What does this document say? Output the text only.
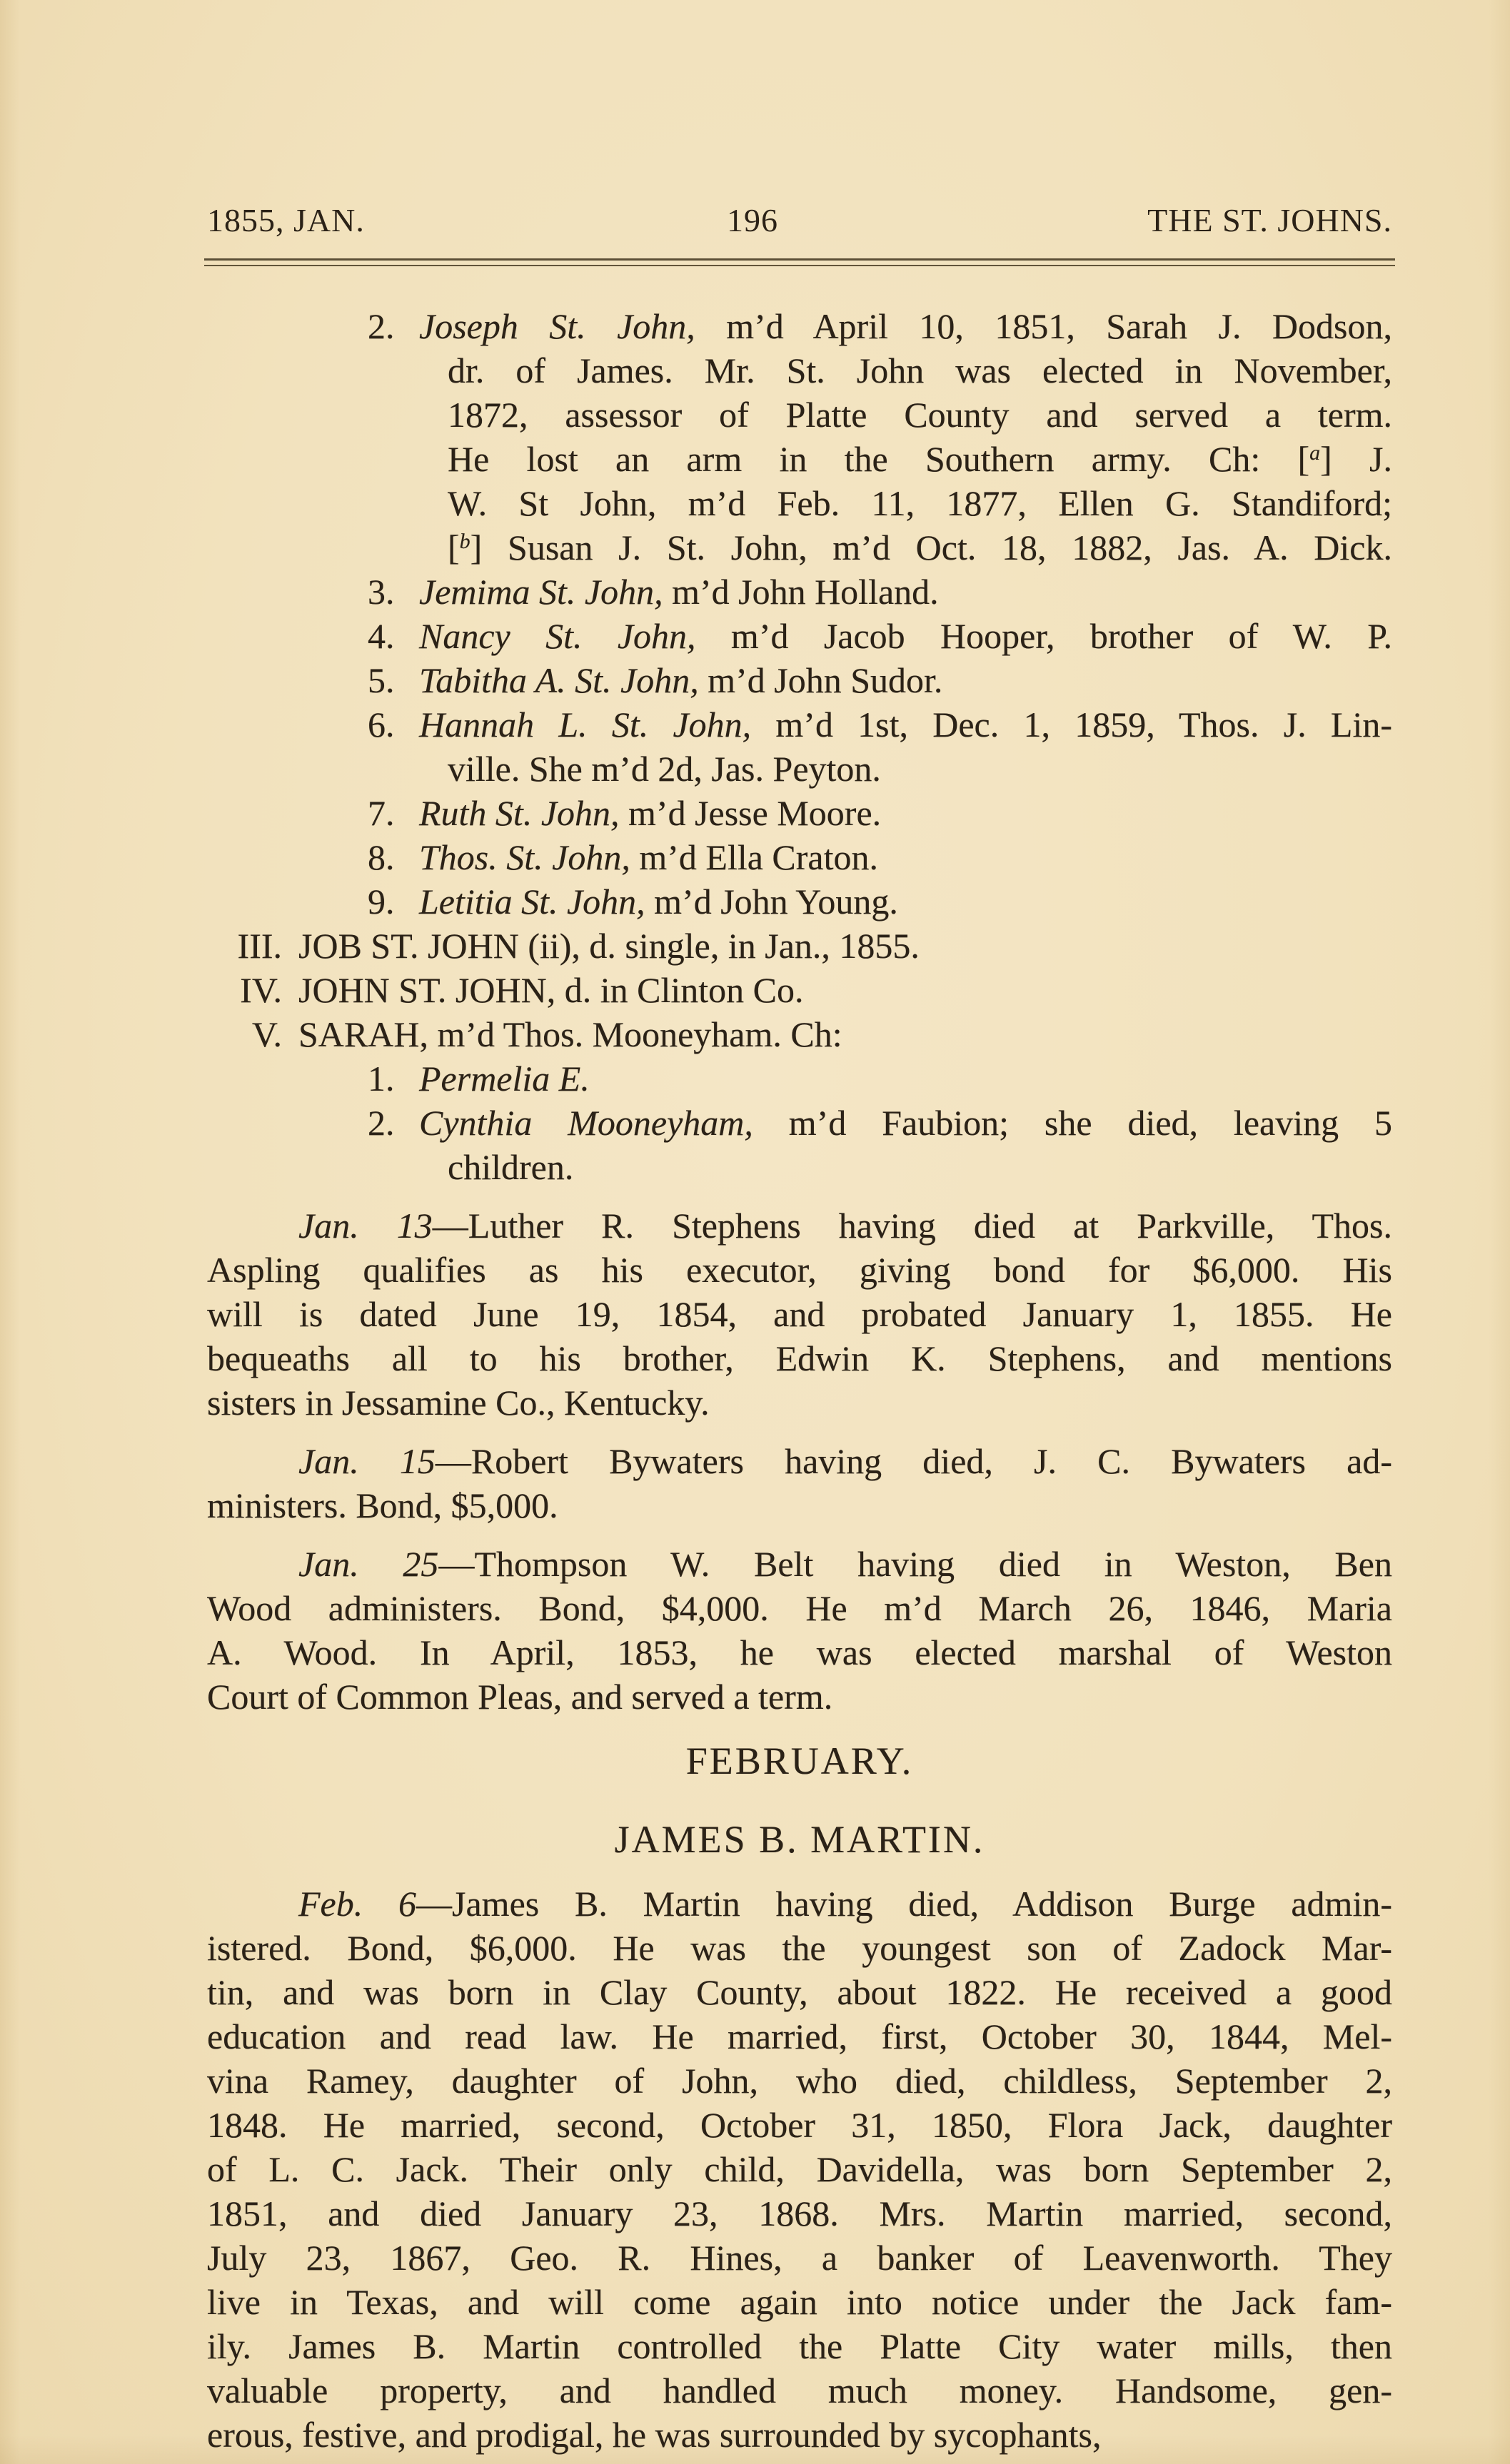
1855, JAN.	196	THE ST. JOHNS.
2. Joseph St. John, m’d April 10, 1851, Sarah J. Dodson,
dr. of James. Mr. St. John was elected in November,
1872, assessor of Platte County and served a term.
He lost an arm in the Southern army. Ch: [$^a$] J.
W. St John, m’d Feb. 11, 1877, Ellen G. Standiford;
[$^b$] Susan J. St. John, m’d Oct. 18, 1882, Jas. A. Dick.
3. Jemima St. John, m’d John Holland.
4. Nancy St. John, m’d Jacob Hooper, brother of W. P.
5. Tabitha A. St. John, m’d John Sudor.
6. Hannah L. St. John, m’d 1st, Dec. 1, 1859, Thos. J. Lin-
ville. She m’d 2d, Jas. Peyton.
7. Ruth St. John, m’d Jesse Moore.
8. Thos. St. John, m’d Ella Craton.
9. Letitia St. John, m’d John Young.
III. JOB ST. JOHN (ii), d. single, in Jan., 1855.
IV. JOHN ST. JOHN, d. in Clinton Co.
V. SARAH, m’d Thos. Mooneyham. Ch:
1. Permelia E.
2. Cynthia Mooneyham, m’d Faubion; she died, leaving 5
children.
Jan. 13—Luther R. Stephens having died at Parkville, Thos.
Aspling qualifies as his executor, giving bond for $6,000. His
will is dated June 19, 1854, and probated January 1, 1855. He
bequeaths all to his brother, Edwin K. Stephens, and mentions
sisters in Jessamine Co., Kentucky.
Jan. 15—Robert Bywaters having died, J. C. Bywaters ad-
ministers. Bond, $5,000.
Jan. 25—Thompson W. Belt having died in Weston, Ben
Wood administers. Bond, $4,000. He m’d March 26, 1846, Maria
A. Wood. In April, 1853, he was elected marshal of Weston
Court of Common Pleas, and served a term.
FEBRUARY.
JAMES B. MARTIN.
Feb. 6—James B. Martin having died, Addison Burge admin-
istered. Bond, $6,000. He was the youngest son of Zadock Mar-
tin, and was born in Clay County, about 1822. He received a good
education and read law. He married, first, October 30, 1844, Mel-
vina Ramey, daughter of John, who died, childless, September 2,
1848. He married, second, October 31, 1850, Flora Jack, daughter
of L. C. Jack. Their only child, Davidella, was born September 2,
1851, and died January 23, 1868. Mrs. Martin married, second,
July 23, 1867, Geo. R. Hines, a banker of Leavenworth. They
live in Texas, and will come again into notice under the Jack fam-
ily. James B. Martin controlled the Platte City water mills, then
valuable property, and handled much money. Handsome, gen-
erous, festive, and prodigal, he was surrounded by sycophants,
